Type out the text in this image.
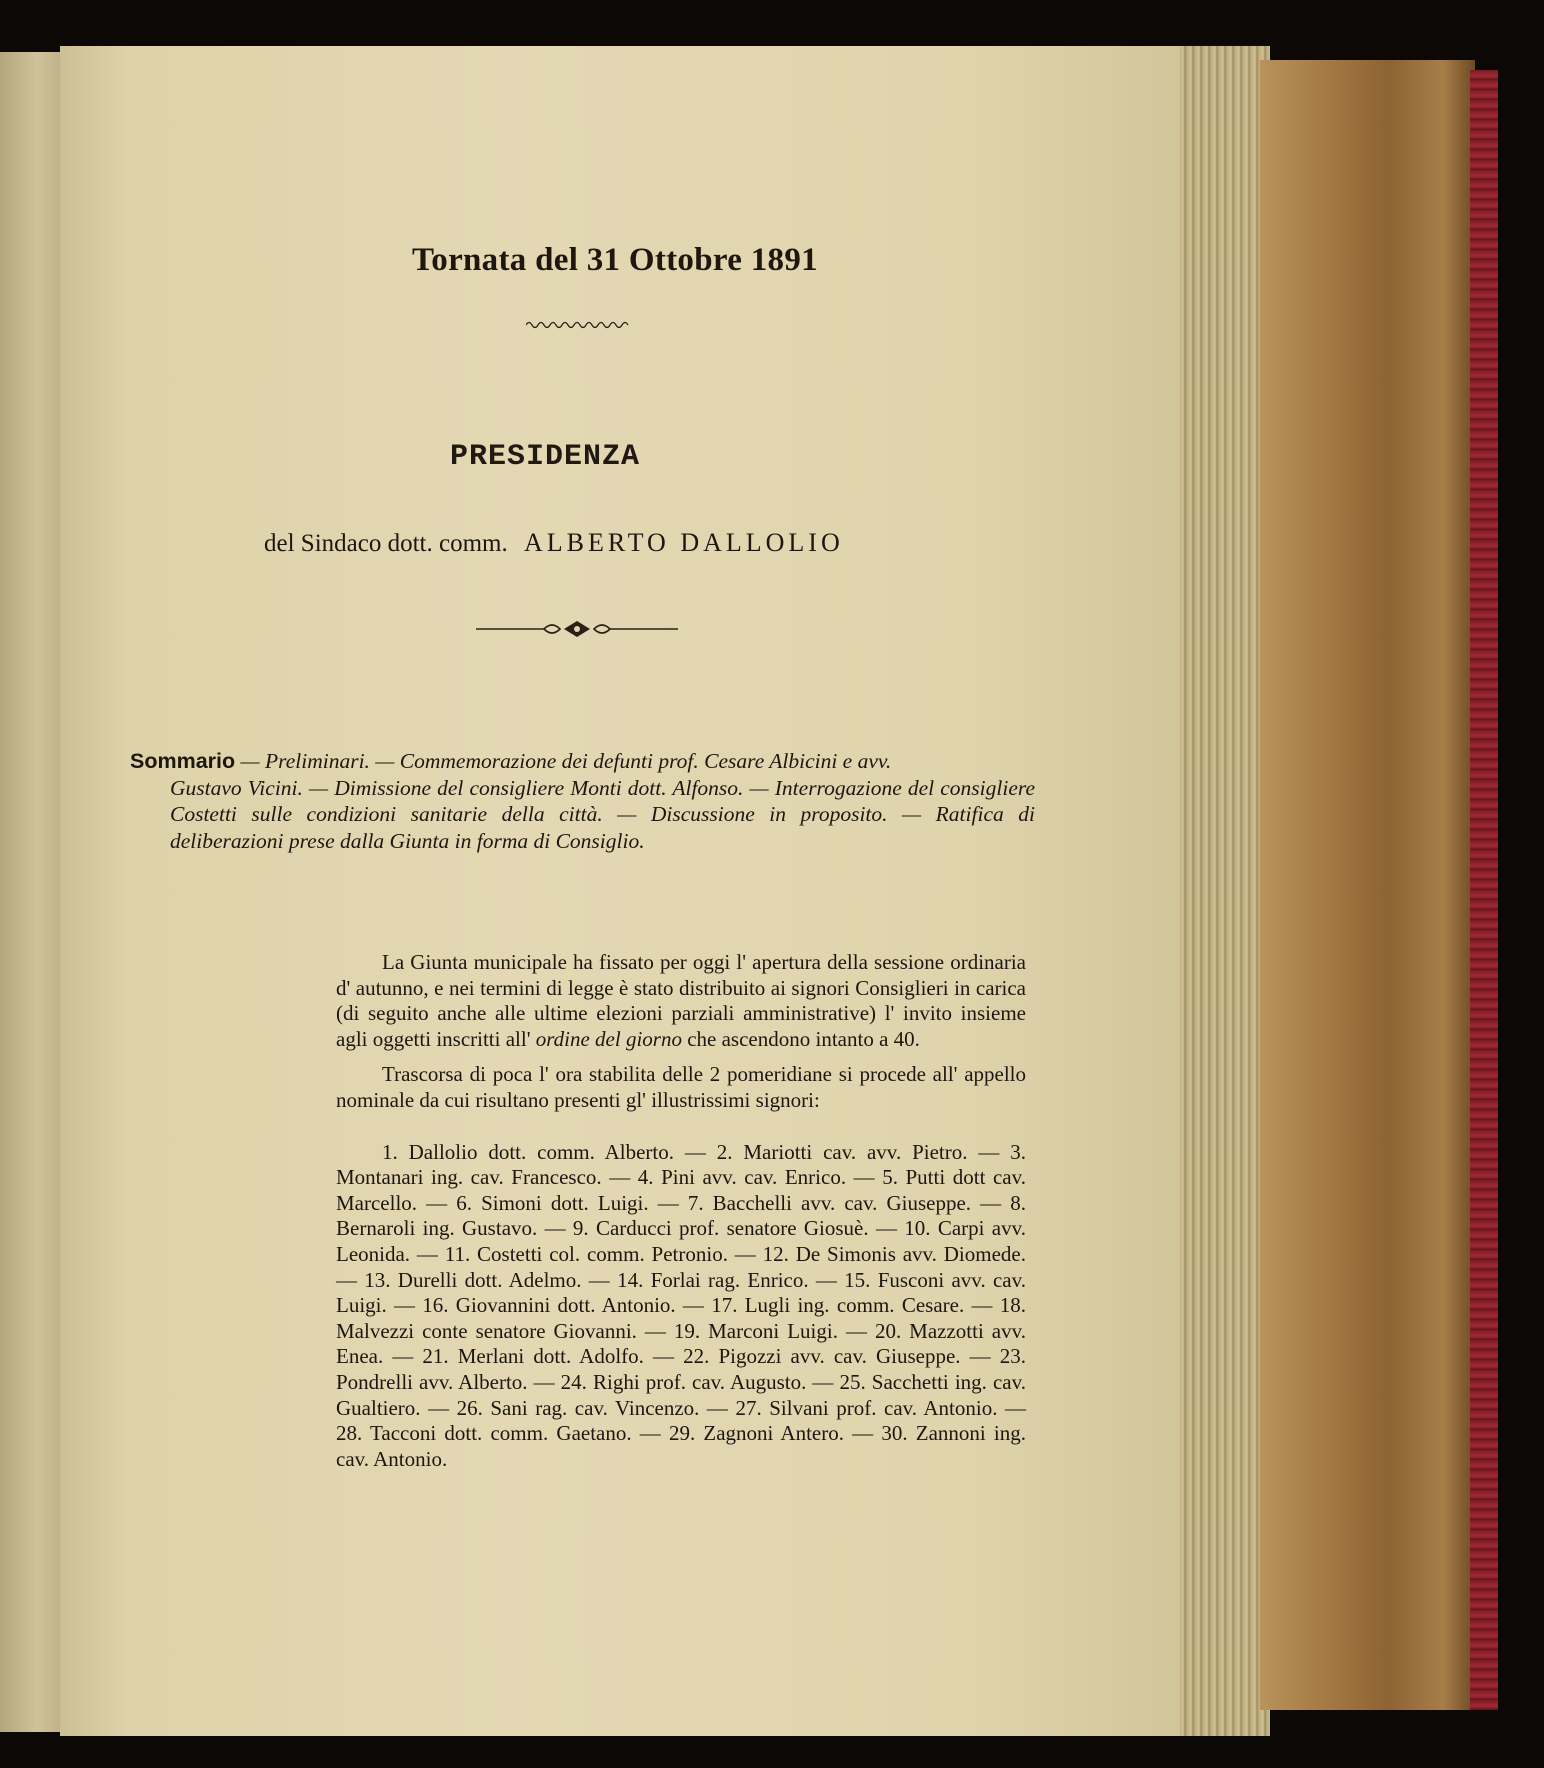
Tornata del 31 Ottobre 1891
PRESIDENZA
del Sindaco dott. comm. ALBERTO DALLOLIO
Sommario — Preliminari. — Commemorazione dei defunti prof. Cesare Albicini e avv.
Gustavo Vicini. — Dimissione del consigliere Monti dott. Alfonso. — Interrogazione del consigliere Costetti sulle condizioni sanitarie della città. — Discussione in proposito. — Ratifica di deliberazioni prese dalla Giunta in forma di Consiglio.

La Giunta municipale ha fissato per oggi l' apertura della sessione ordinaria d' autunno, e nei termini di legge è stato distribuito ai signori Consiglieri in carica (di seguito anche alle ultime elezioni parziali amministrative) l' invito insieme agli oggetti inscritti all' ordine del giorno che ascendono intanto a 40.

Trascorsa di poca l' ora stabilita delle 2 pomeridiane si procede all' appello nominale da cui risultano presenti gl' illustrissimi signori:

1. Dallolio dott. comm. Alberto. — 2. Mariotti cav. avv. Pietro. — 3. Montanari ing. cav. Francesco. — 4. Pini avv. cav. Enrico. — 5. Putti dott cav. Marcello. — 6. Simoni dott. Luigi. — 7. Bacchelli avv. cav. Giuseppe. — 8. Bernaroli ing. Gustavo. — 9. Carducci prof. senatore Giosuè. — 10. Carpi avv. Leonida. — 11. Costetti col. comm. Petronio. — 12. De Simonis avv. Diomede. — 13. Durelli dott. Adelmo. — 14. Forlai rag. Enrico. — 15. Fusconi avv. cav. Luigi. — 16. Giovannini dott. Antonio. — 17. Lugli ing. comm. Cesare. — 18. Malvezzi conte senatore Giovanni. — 19. Marconi Luigi. — 20. Mazzotti avv. Enea. — 21. Merlani dott. Adolfo. — 22. Pigozzi avv. cav. Giuseppe. — 23. Pondrelli avv. Alberto. — 24. Righi prof. cav. Augusto. — 25. Sacchetti ing. cav. Gualtiero. — 26. Sani rag. cav. Vincenzo. — 27. Silvani prof. cav. Antonio. — 28. Tacconi dott. comm. Gaetano. — 29. Zagnoni Antero. — 30. Zannoni ing. cav. Antonio.
